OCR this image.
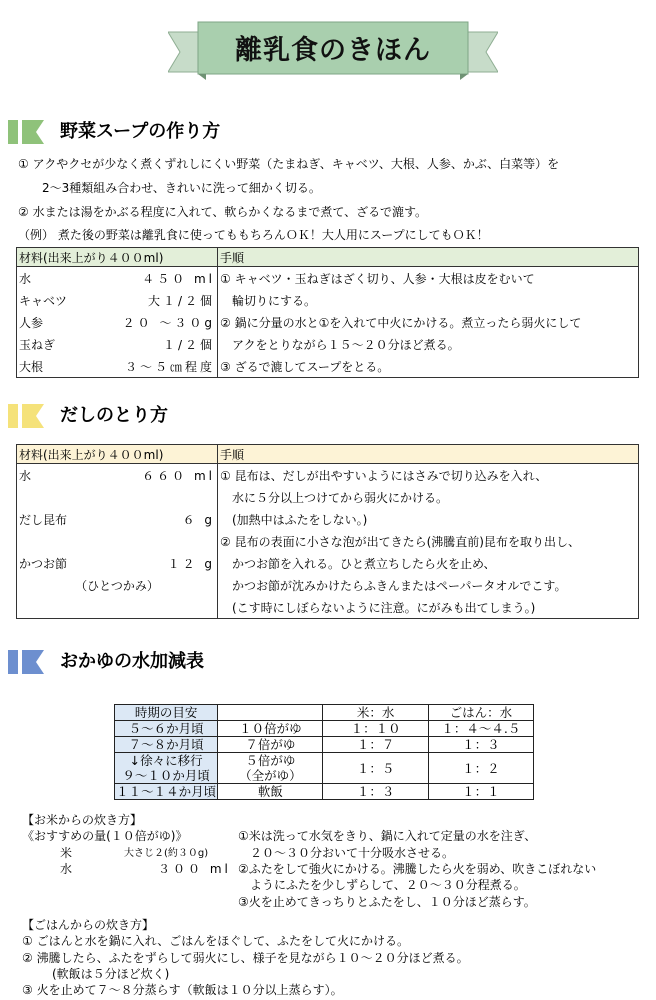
離乳食のきほん
野菜スープの作り方
① アクやクセが少なく煮くずれしにくい野菜（たまねぎ、キャベツ、大根、人参、かぶ、白菜等）を
2〜3種類組み合わせ、きれいに洗って細かく切る。
② 水または湯をかぶる程度に入れて、軟らかくなるまで煮て、ざるで漉す。
（例） 煮た後の野菜は離乳食に使ってももちろんＯＫ！大人用にスープにしてもＯＫ！
材料(出来上がり４００ml)	手順
水 ４５０ ml	① キャベツ・玉ねぎはざく切り、人参・大根は皮をむいて
キャベツ 大１/２個	　輪切りにする。
人参 ２０ 〜３０g	② 鍋に分量の水と①を入れて中火にかける。煮立ったら弱火にして
玉ねぎ １/２個	　アクをとりながら１５〜２０分ほど煮る。
大根 ３〜５㎝程度	③ ざるで漉してスープをとる。
だしのとり方
材料(出来上がり４００ml)	手順
水 ６６０ ml	① 昆布は、だしが出やすいようにはさみで切り込みを入れ、

	　水に５分以上つけてから弱火にかける。
だし昆布 ６ g	　(加熱中はふたをしない。)

	② 昆布の表面に小さな泡が出てきたら(沸騰直前)昆布を取り出し、
かつお節 １２ g	　かつお節を入れる。ひと煮立ちしたら火を止め、
（ひとつかみ）	　かつお節が沈みかけたらふきんまたはペーパータオルでこす。
	　(こす時にしぼらないように注意。にがみも出てしまう。)
おかゆの水加減表
時期の目安		米：水	ごはん：水
５〜６か月頃	１０倍がゆ	１：１０	１：４〜４.５
７〜８か月頃	７倍がゆ	１：７	１：３
↓徐々に移行	５倍がゆ	１：５	１：２
９〜１０か月頃	（全がゆ）		
１１〜１４か月頃	軟飯	１：３	１：１
【お米からの炊き方】
《おすすめの量(１０倍がゆ)》
米	大さじ２(約３０g)
水	３００ ml
①米は洗って水気をきり、鍋に入れて定量の水を注ぎ、
　２０〜３０分おいて十分吸水させる。
②ふたをして強火にかける。沸騰したら火を弱め、吹きこぼれない
　ようにふたを少しずらして、２０〜３０分程煮る。
③火を止めてきっちりとふたをし、１０分ほど蒸らす。
【ごはんからの炊き方】
① ごはんと水を鍋に入れ、ごはんをほぐして、ふたをして火にかける。
② 沸騰したら、ふたをずらして弱火にし、様子を見ながら１０〜２０分ほど煮る。
　(軟飯は５分ほど炊く)
③ 火を止めて７〜８分蒸らす（軟飯は１０分以上蒸らす）。
